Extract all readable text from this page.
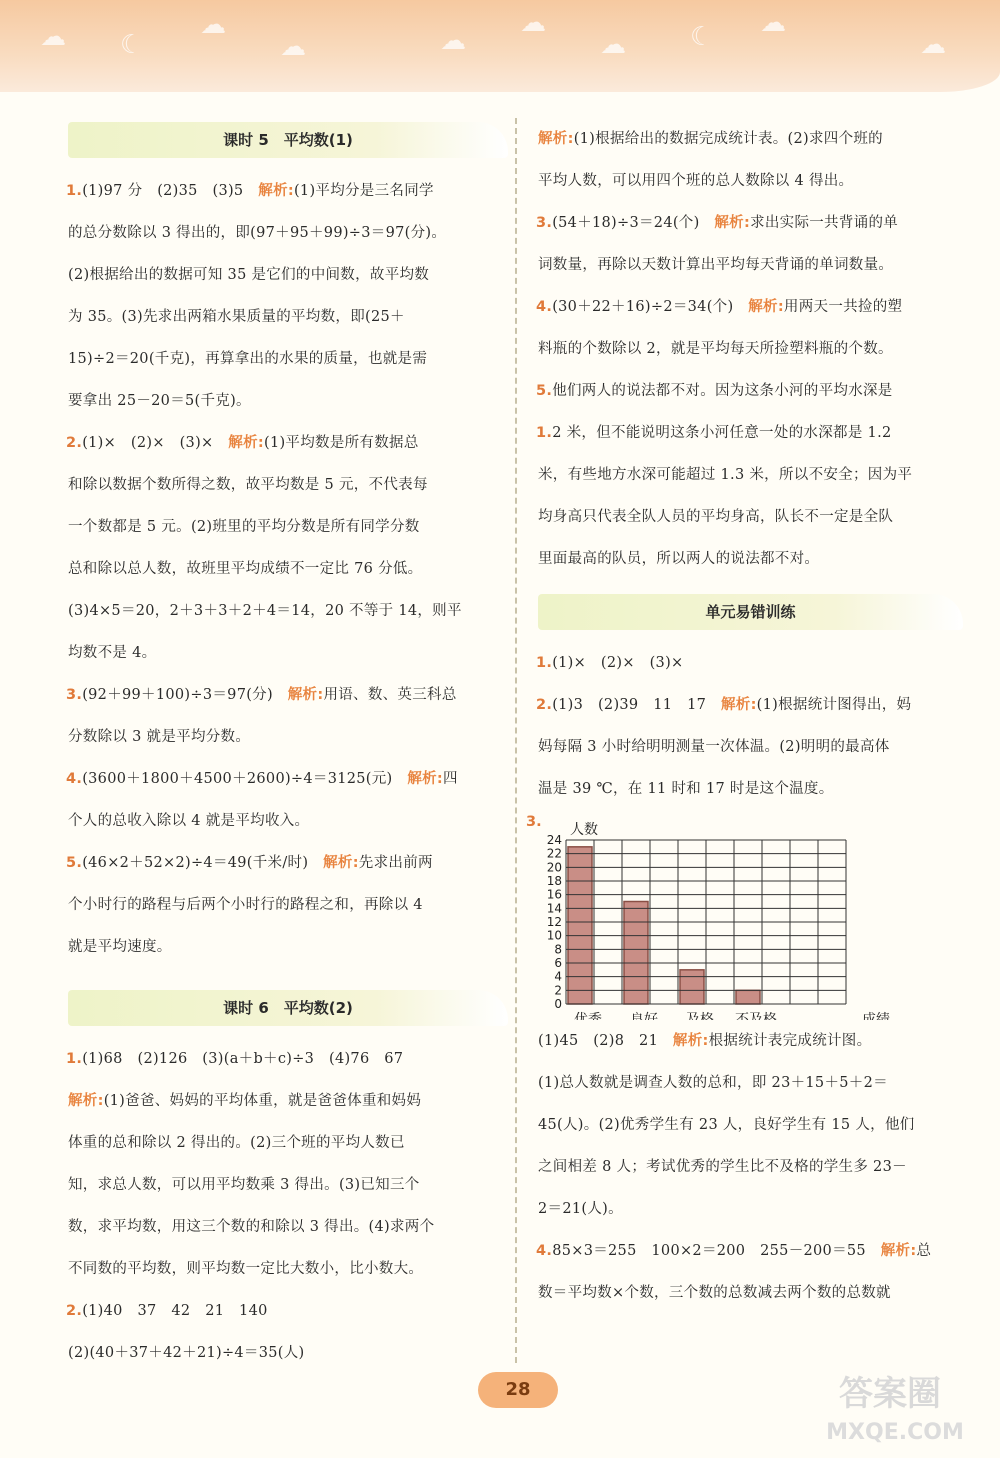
☁ ☾
☁
☁	☁
☁
☁ ☾ ☁
☁
课时 5　平均数(1)
1.(1)97 分　(2)35　(3)5　解析:(1)平均分是三名同学
的总分数除以 3 得出的，即(97＋95＋99)÷3＝97(分)。
(2)根据给出的数据可知 35 是它们的中间数，故平均数
为 35。(3)先求出两箱水果质量的平均数，即(25＋
15)÷2＝20(千克)，再算拿出的水果的质量，也就是需
要拿出 25－20＝5(千克)。
2.(1)×　(2)×　(3)×　解析:(1)平均数是所有数据总
和除以数据个数所得之数，故平均数是 5 元，不代表每
一个数都是 5 元。(2)班里的平均分数是所有同学分数
总和除以总人数，故班里平均成绩不一定比 76 分低。
(3)4×5＝20，2＋3＋3＋2＋4＝14，20 不等于 14，则平
均数不是 4。
3.(92＋99＋100)÷3＝97(分)　解析:用语、数、英三科总
分数除以 3 就是平均分数。
4.(3600＋1800＋4500＋2600)÷4＝3125(元)　解析:四
个人的总收入除以 4 就是平均收入。
5.(46×2＋52×2)÷4＝49(千米/时)　解析:先求出前两
个小时行的路程与后两个小时行的路程之和，再除以 4
就是平均速度。
课时 6　平均数(2)
1.(1)68　(2)126　(3)(a＋b＋c)÷3　(4)76　67
解析:(1)爸爸、妈妈的平均体重，就是爸爸体重和妈妈
体重的总和除以 2 得出的。(2)三个班的平均人数已
知，求总人数，可以用平均数乘 3 得出。(3)已知三个
数，求平均数，用这三个数的和除以 3 得出。(4)求两个
不同数的平均数，则平均数一定比大数小，比小数大。
2.(1)40　37　42　21　140
(2)(40＋37＋42＋21)÷4＝35(人)
解析:(1)根据给出的数据完成统计表。(2)求四个班的
平均人数，可以用四个班的总人数除以 4 得出。
3.(54＋18)÷3＝24(个)　解析:求出实际一共背诵的单
词数量，再除以天数计算出平均每天背诵的单词数量。
4.(30＋22＋16)÷2＝34(个)　解析:用两天一共捡的塑
料瓶的个数除以 2，就是平均每天所捡塑料瓶的个数。
5.他们两人的说法都不对。因为这条小河的平均水深是
1.2 米，但不能说明这条小河任意一处的水深都是 1.2
米，有些地方水深可能超过 1.3 米，所以不安全；因为平
均身高只代表全队人员的平均身高，队长不一定是全队
里面最高的队员，所以两人的说法都不对。
单元易错训练
1.(1)×　(2)×　(3)×
2.(1)3　(2)39　11　17　解析:(1)根据统计图得出，妈
妈每隔 3 小时给明明测量一次体温。(2)明明的最高体
温是 39 ℃，在 11 时和 17 时是这个温度。
3.
0
2
4
6
8
10
12
14
16
18
20
22
24
人数
优秀 良好 及格 不及格	成绩
(1)45　(2)8　21　解析:根据统计表完成统计图。
(1)总人数就是调查人数的总和，即 23＋15＋5＋2＝
45(人)。(2)优秀学生有 23 人，良好学生有 15 人，他们
之间相差 8 人；考试优秀的学生比不及格的学生多 23－
2＝21(人)。
4.85×3＝255　100×2＝200　255－200＝55　解析:总
数＝平均数×个数，三个数的总数减去两个数的总数就
28	答案圈
MXQE.COM
